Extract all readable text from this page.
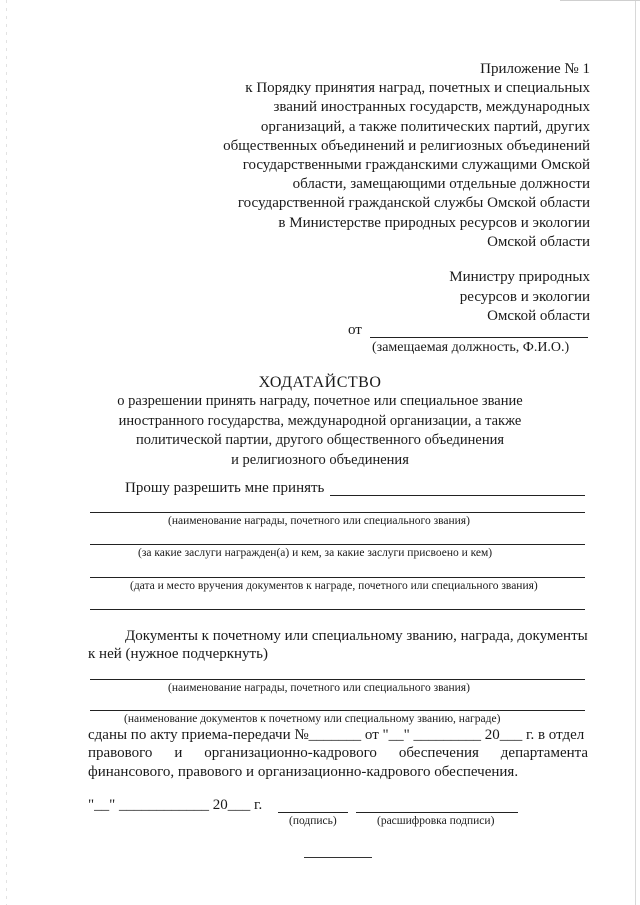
Приложение № 1
к Порядку принятия наград, почетных и специальных
званий иностранных государств, международных
организаций, а также политических партий, других
общественных объединений и религиозных объединений
государственными гражданскими служащими Омской
области, замещающими отдельные должности
государственной гражданской службы Омской области
в Министерстве природных ресурсов и экологии
Омской области
Министру природных
ресурсов и экологии
Омской области
от
(замещаемая должность, Ф.И.О.)
ХОДАТАЙСТВО
о разрешении принять награду, почетное или специальное звание
иностранного государства, международной организации, а также
политической партии, другого общественного объединения
и религиозного объединения
Прошу разрешить мне принять
(наименование награды, почетного или специального звания)
(за какие заслуги награжден(а) и кем, за какие заслуги присвоено и кем)
(дата и место вручения документов к награде, почетного или специального звания)
Документы к почетному или специальному званию, награда, документы
к ней (нужное подчеркнуть)
(наименование награды, почетного или специального звания)
(наименование документов к почетному или специальному званию, награде)
сданы по акту приема-передачи №_______ от "__" _________ 20___ г. в отдел
правового и организационно-кадрового обеспечения департамента
финансового, правового и организационно-кадрового обеспечения.
"__" ____________ 20___ г.
(подпись)	(расшифровка подписи)
